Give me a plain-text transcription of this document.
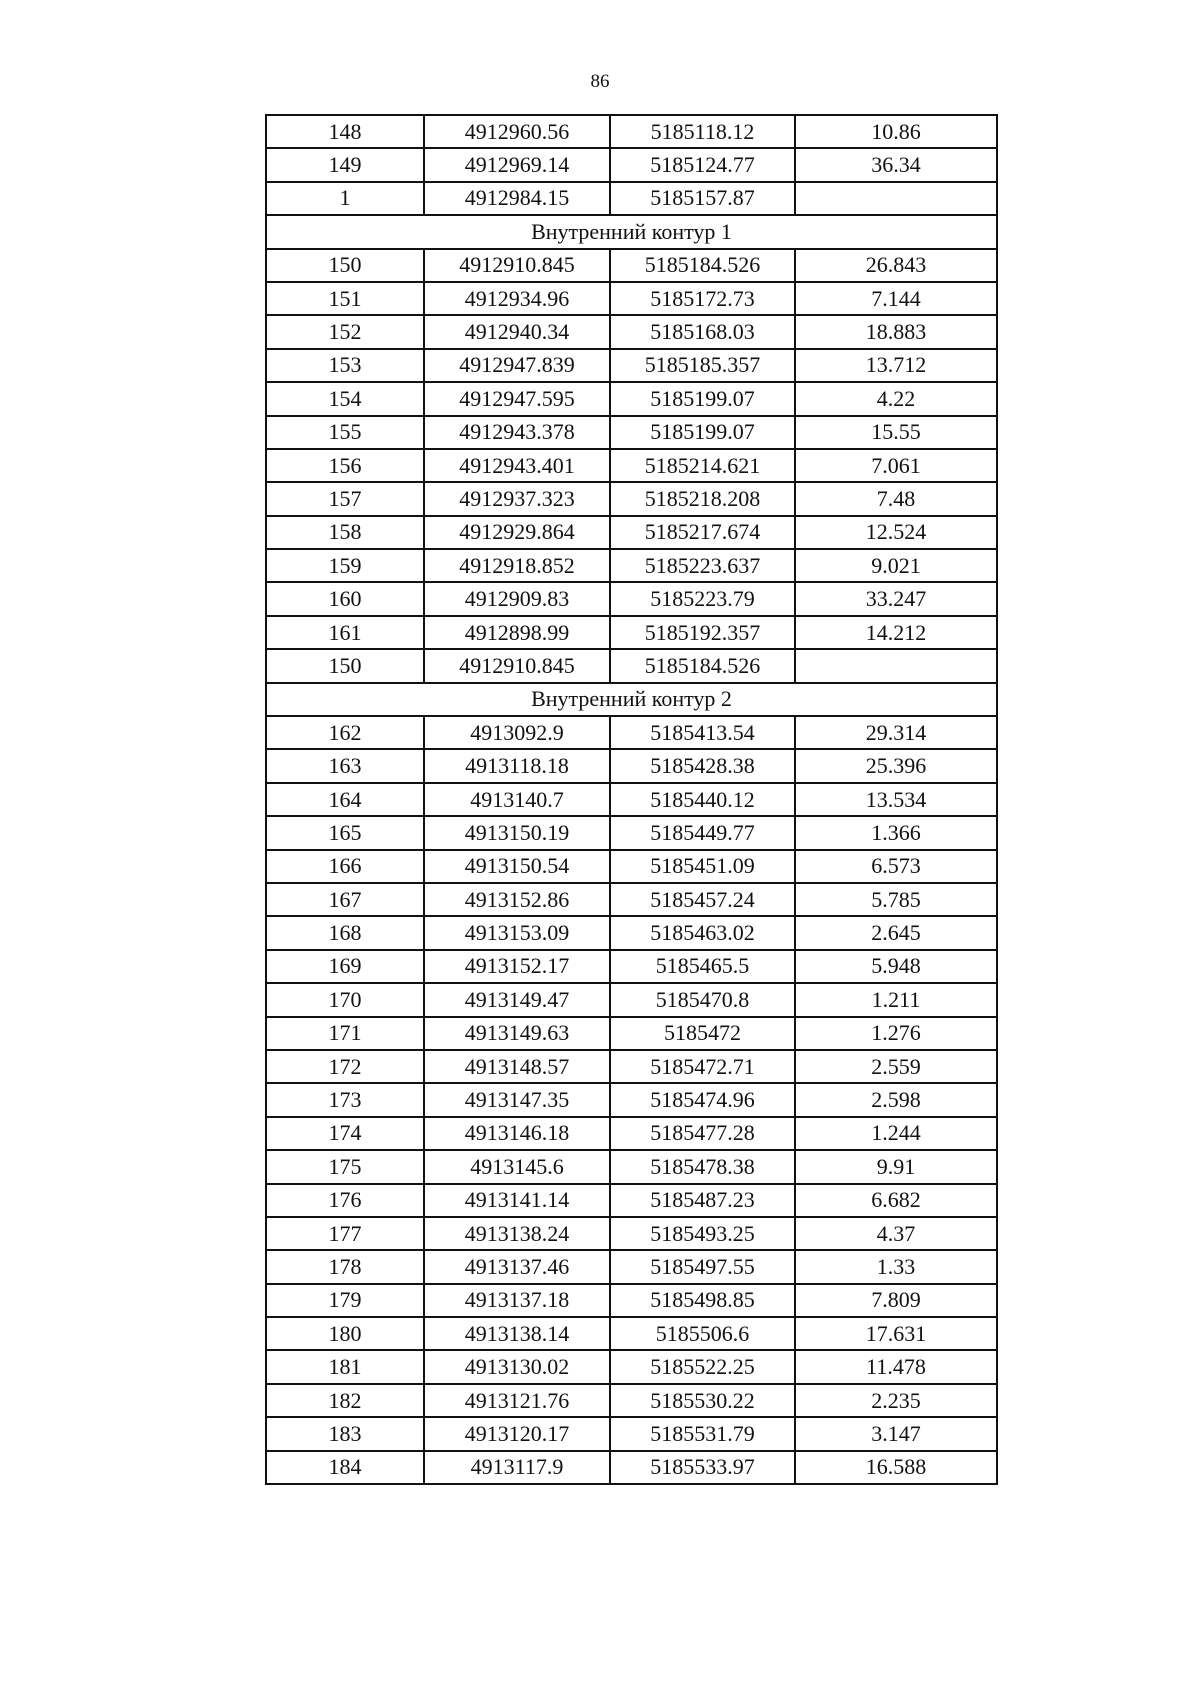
86
148	4912960.56	5185118.12	10.86
149	4912969.14	5185124.77	36.34
1	4912984.15	5185157.87	
Внутренний контур 1			
150	4912910.845	5185184.526	26.843
151	4912934.96	5185172.73	7.144
152	4912940.34	5185168.03	18.883
153	4912947.839	5185185.357	13.712
154	4912947.595	5185199.07	4.22
155	4912943.378	5185199.07	15.55
156	4912943.401	5185214.621	7.061
157	4912937.323	5185218.208	7.48
158	4912929.864	5185217.674	12.524
159	4912918.852	5185223.637	9.021
160	4912909.83	5185223.79	33.247
161	4912898.99	5185192.357	14.212
150	4912910.845	5185184.526	
Внутренний контур 2			
162	4913092.9	5185413.54	29.314
163	4913118.18	5185428.38	25.396
164	4913140.7	5185440.12	13.534
165	4913150.19	5185449.77	1.366
166	4913150.54	5185451.09	6.573
167	4913152.86	5185457.24	5.785
168	4913153.09	5185463.02	2.645
169	4913152.17	5185465.5	5.948
170	4913149.47	5185470.8	1.211
171	4913149.63	5185472	1.276
172	4913148.57	5185472.71	2.559
173	4913147.35	5185474.96	2.598
174	4913146.18	5185477.28	1.244
175	4913145.6	5185478.38	9.91
176	4913141.14	5185487.23	6.682
177	4913138.24	5185493.25	4.37
178	4913137.46	5185497.55	1.33
179	4913137.18	5185498.85	7.809
180	4913138.14	5185506.6	17.631
181	4913130.02	5185522.25	11.478
182	4913121.76	5185530.22	2.235
183	4913120.17	5185531.79	3.147
184	4913117.9	5185533.97	16.588
